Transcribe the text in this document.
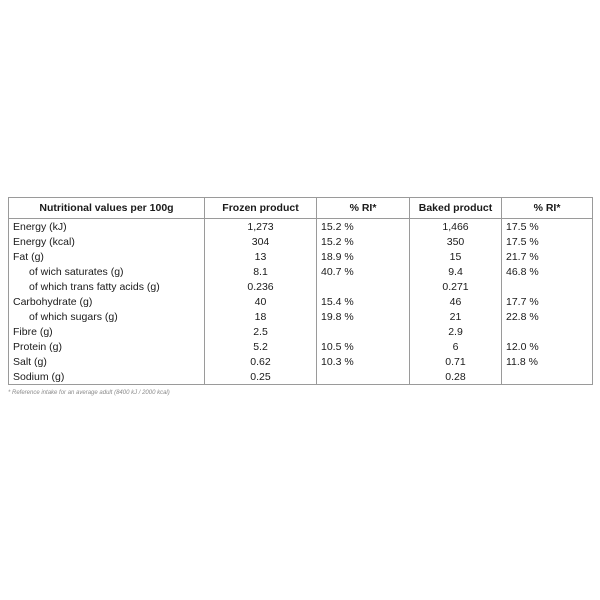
Nutritional values per 100g	Frozen product	% RI*	Baked product	% RI*
Energy (kJ)	1,273	15.2 %	1,466	17.5 %
Energy (kcal)	304	15.2 %	350	17.5 %
Fat (g)	13	18.9 %	15	21.7 %
of wich saturates (g)	8.1	40.7 %	9.4	46.8 %
of which trans fatty acids (g)	0.236		0.271	
Carbohydrate (g)	40	15.4 %	46	17.7 %
of which sugars (g)	18	19.8 %	21	22.8 %
Fibre (g)	2.5		2.9	
Protein (g)	5.2	10.5 %	6	12.0 %
Salt (g)	0.62	10.3 %	0.71	11.8 %
Sodium (g)	0.25		0.28	
* Reference intake for an average adult (8400 kJ / 2000 kcal)
